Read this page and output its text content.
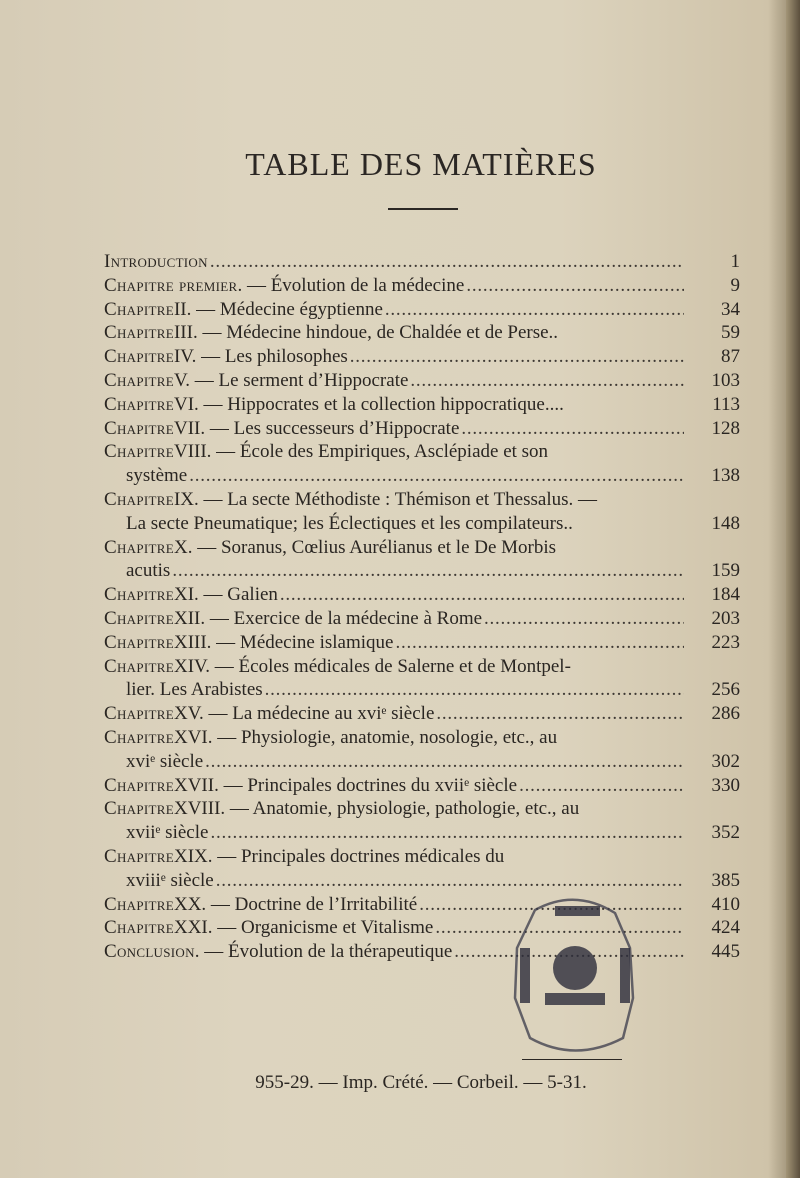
TABLE DES MATIÈRES
Introduction . . .	1
Chapitre premier . — Évolution de la médecine . . .	9
Chapitre II. — Médecine égyptienne . . .	34
Chapitre III. — Médecine hindoue, de Chaldée et de Perse..	59
Chapitre IV. — Les philosophes . . .	87
Chapitre V. — Le serment d’Hippocrate . . .	103
Chapitre VI. — Hippocrates et la collection hippocratique....	113
Chapitre VII. — Les successeurs d’Hippocrate . . .	128
Chapitre VIII. — École des Empiriques, Asclépiade et son
système . . .	138
Chapitre IX. — La secte Méthodiste : Thémison et Thessalus. —
La secte Pneumatique; les Éclectiques et les compilateurs..	148
Chapitre X. — Soranus, Cœlius Aurélianus et le De Morbis
acutis . . .	159
Chapitre XI. — Galien . . .	184
Chapitre XII. — Exercice de la médecine à Rome . . .	203
Chapitre XIII. — Médecine islamique . . .	223
Chapitre XIV. — Écoles médicales de Salerne et de Montpel-
lier. Les Arabistes . . .	256
Chapitre XV. — La médecine au xviᵉ siècle . . .	286
Chapitre XVI. — Physiologie, anatomie, nosologie, etc., au
xviᵉ siècle . . .	302
Chapitre XVII. — Principales doctrines du xviiᵉ siècle . . .	330
Chapitre XVIII. — Anatomie, physiologie, pathologie, etc., au
xviiᵉ siècle . . .	352
Chapitre XIX. — Principales doctrines médicales du
xviiiᵉ siècle . . .	385
Chapitre XX. — Doctrine de l’Irritabilité . . .	410
Chapitre XXI. — Organicisme et Vitalisme . . .	424
Conclusion . — Évolution de la thérapeutique . . .	445
955-29. — Imp. Crété. — Corbeil. — 5-31.
